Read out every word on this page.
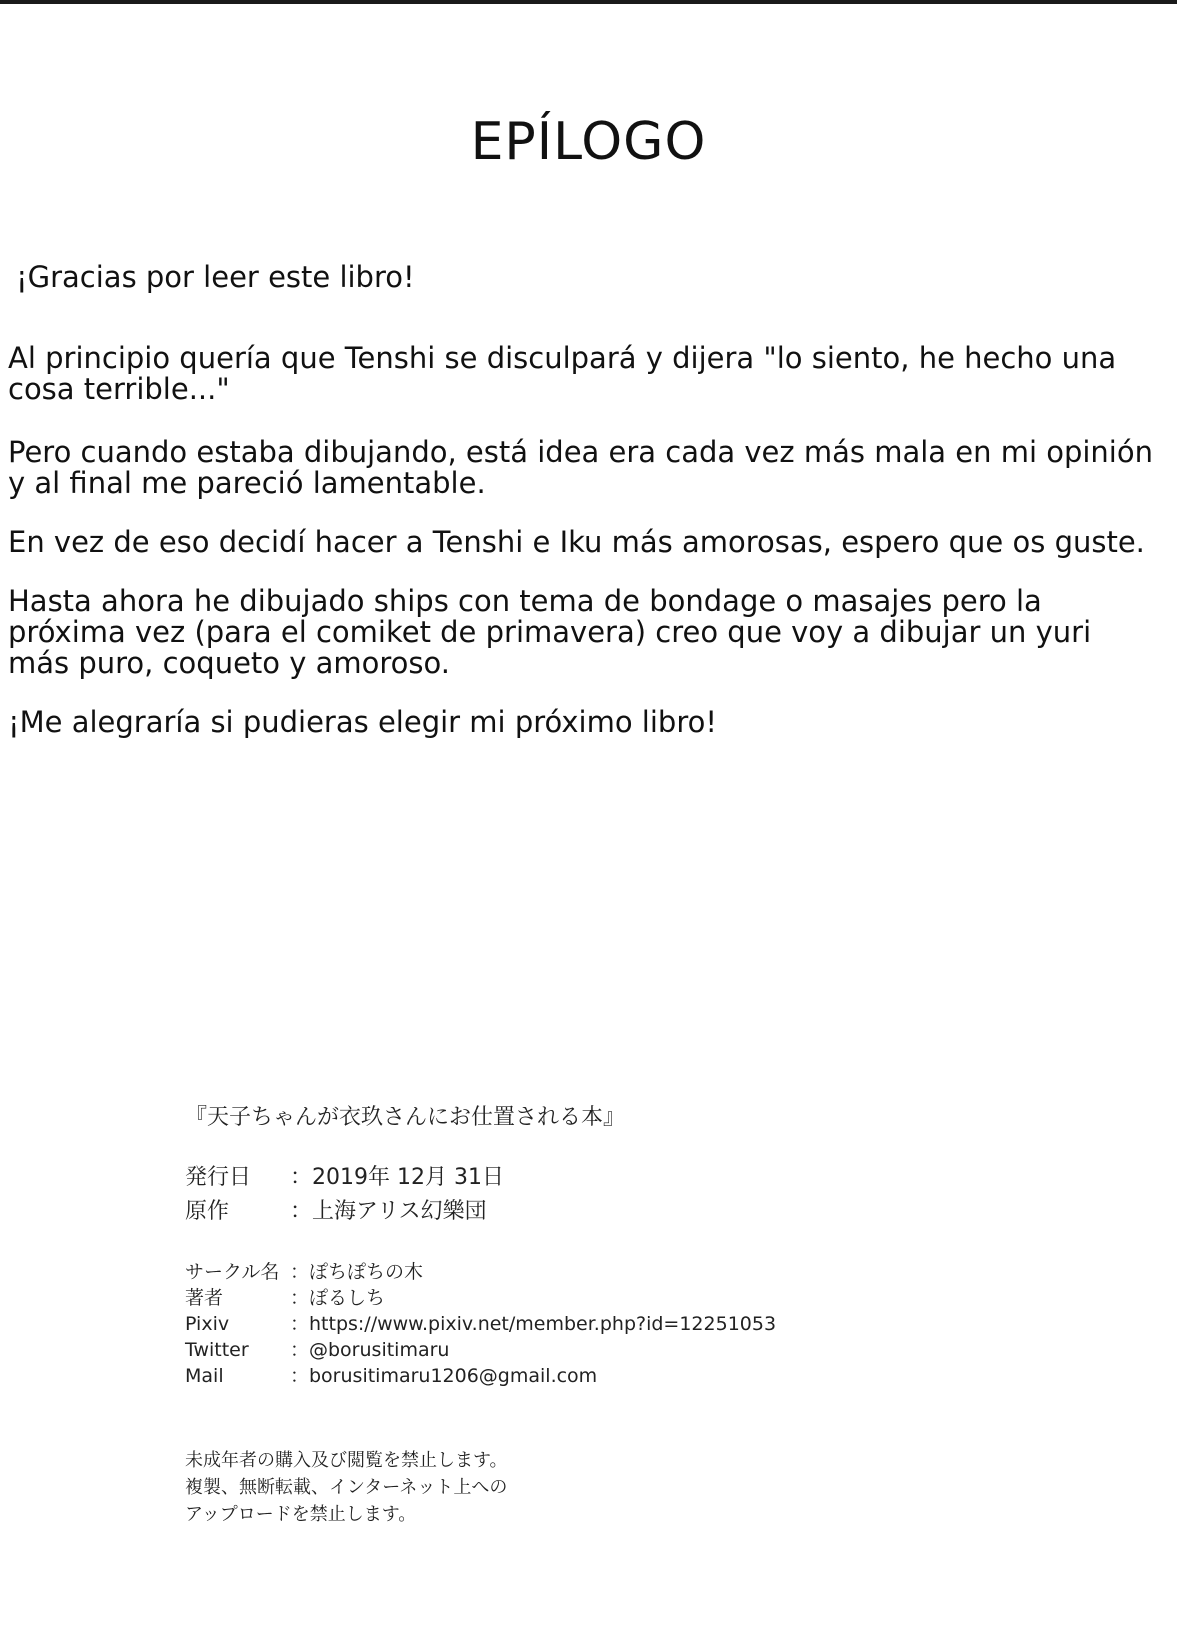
EPÍLOGO

¡Gracias por leer este libro!

Al principio quería que Tenshi se disculpará y dijera "lo siento, he hecho una cosa terrible..."

Pero cuando estaba dibujando, está idea era cada vez más mala en mi opinión y al final me pareció lamentable.

En vez de eso decidí hacer a Tenshi e Iku más amorosas, espero que os guste.

Hasta ahora he dibujado ships con tema de bondage o masajes pero la próxima vez (para el comiket de primavera) creo que voy a dibujar un yuri más puro, coqueto y amoroso.

¡Me alegraría si pudieras elegir mi próximo libro!

『天子ちゃんが衣玖さんにお仕置される本』
発行日	：2019年 12月 31日
原作	：上海アリス幻樂団
サークル名 ：ぽちぽちの木
著者	：ぽるしち
Pixiv	：https://www.pixiv.net/member.php?id=12251053
Twitter	：@borusitimaru
Mail	：borusitimaru1206@gmail.com
未成年者の購入及び閲覧を禁止します。
複製、無断転載、インターネット上への
アップロードを禁止します。
